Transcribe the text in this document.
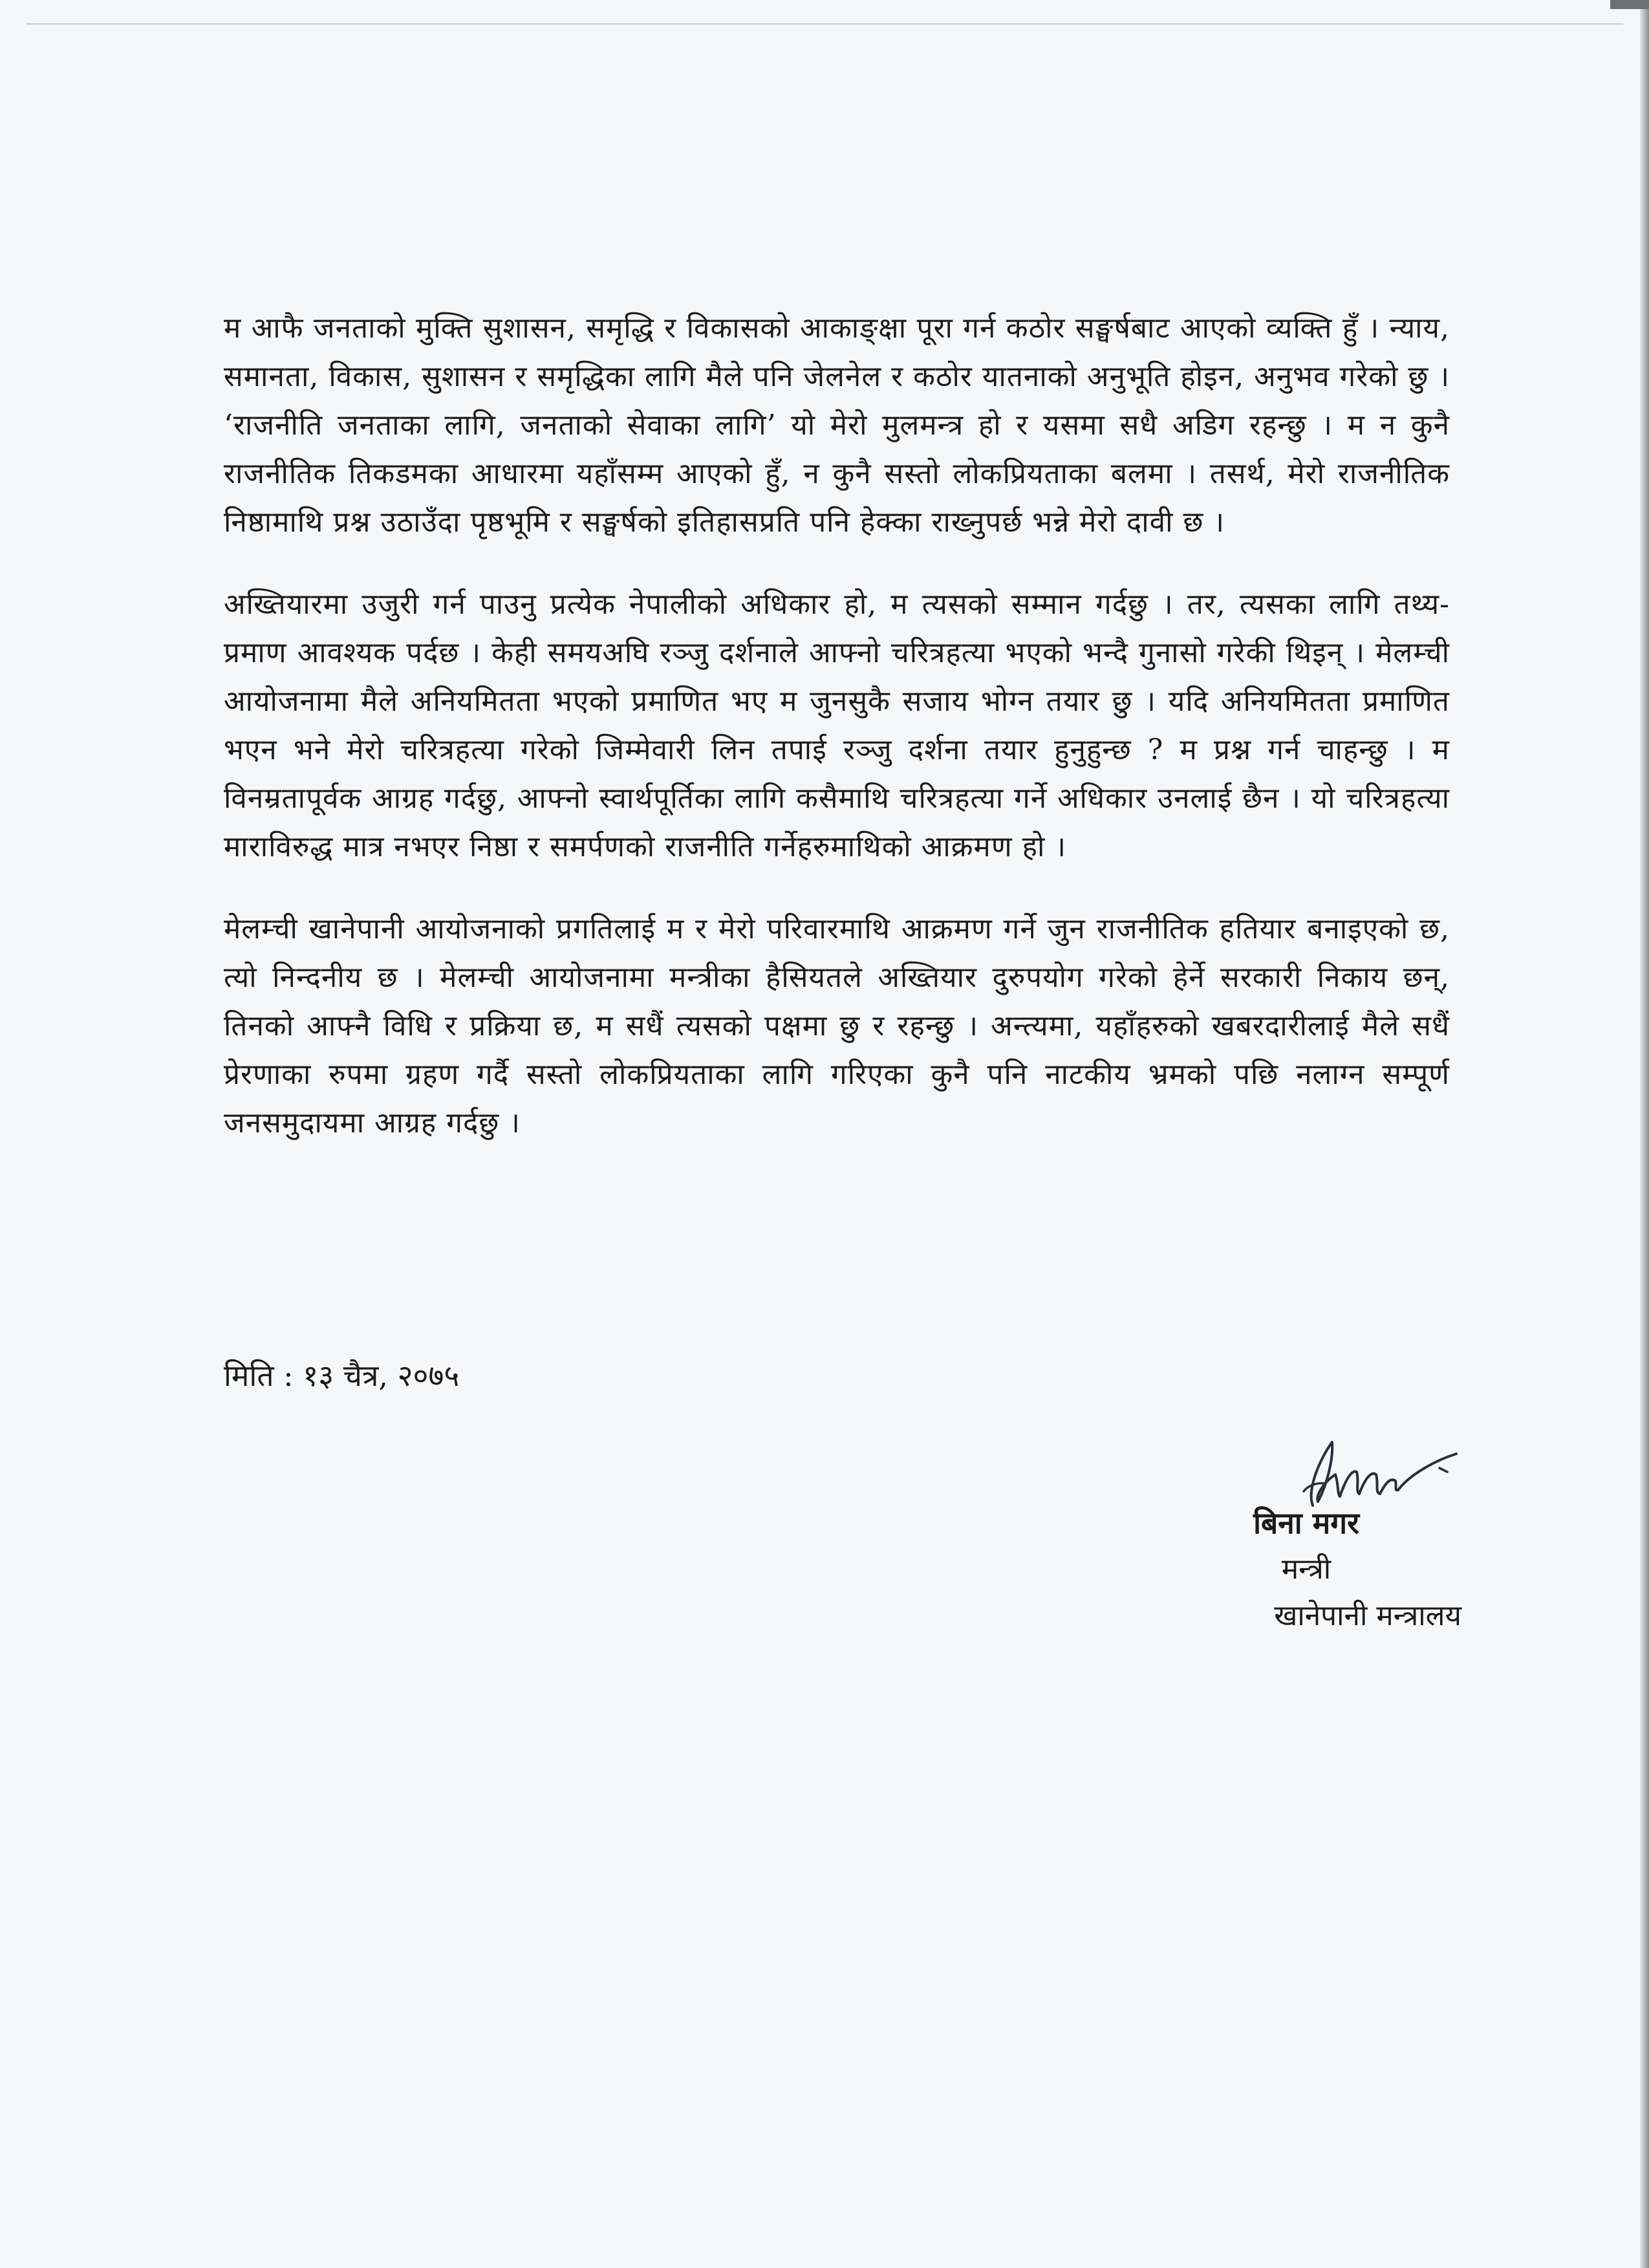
म आफै जनताको मुक्ति सुशासन, समृद्धि र विकासको आकाङ्क्षा पूरा गर्न कठोर सङ्घर्षबाट आएको व्यक्ति हुँ । न्याय, समानता, विकास, सुशासन र समृद्धिका लागि मैले पनि जेलनेल र कठोर यातनाको अनुभूति होइन, अनुभव गरेको छु । ‘राजनीति जनताका लागि, जनताको सेवाका लागि’ यो मेरो मुलमन्त्र हो र यसमा सधै अडिग रहन्छु । म न कुनै राजनीतिक तिकडमका आधारमा यहाँसम्म आएको हुँ, न कुनै सस्तो लोकप्रियताका बलमा । तसर्थ, मेरो राजनीतिक निष्ठामाथि प्रश्न उठाउँदा पृष्ठभूमि र सङ्घर्षको इतिहासप्रति पनि हेक्का राख्नुपर्छ भन्ने मेरो दावी छ ।

अख्तियारमा उजुरी गर्न पाउनु प्रत्येक नेपालीको अधिकार हो, म त्यसको सम्मान गर्दछु । तर, त्यसका लागि तथ्य-प्रमाण आवश्यक पर्दछ । केही समयअघि रञ्जु दर्शनाले आफ्नो चरित्रहत्या भएको भन्दै गुनासो गरेकी थिइन् । मेलम्ची आयोजनामा मैले अनियमितता भएको प्रमाणित भए म जुनसुकै सजाय भोग्न तयार छु । यदि अनियमितता प्रमाणित भएन भने मेरो चरित्रहत्या गरेको जिम्मेवारी लिन तपाई रञ्जु दर्शना तयार हुनुहुन्छ ? म प्रश्न गर्न चाहन्छु । म विनम्रतापूर्वक आग्रह गर्दछु, आफ्नो स्वार्थपूर्तिका लागि कसैमाथि चरित्रहत्या गर्ने अधिकार उनलाई छैन । यो चरित्रहत्या माराविरुद्ध मात्र नभएर निष्ठा र समर्पणको राजनीति गर्नेहरुमाथिको आक्रमण हो ।

मेलम्ची खानेपानी आयोजनाको प्रगतिलाई म र मेरो परिवारमाथि आक्रमण गर्ने जुन राजनीतिक हतियार बनाइएको छ, त्यो निन्दनीय छ । मेलम्ची आयोजनामा मन्त्रीका हैसियतले अख्तियार दुरुपयोग गरेको हेर्ने सरकारी निकाय छन्, तिनको आफ्नै विधि र प्रक्रिया छ, म सधैं त्यसको पक्षमा छु र रहन्छु । अन्त्यमा, यहाँहरुको खबरदारीलाई मैले सधैं प्रेरणाका रुपमा ग्रहण गर्दै सस्तो लोकप्रियताका लागि गरिएका कुनै पनि नाटकीय भ्रमको पछि नलाग्न सम्पूर्ण जनसमुदायमा आग्रह गर्दछु ।

मिति : १३ चैत्र, २०७५
बिना मगर
मन्त्री
खानेपानी मन्त्रालय
